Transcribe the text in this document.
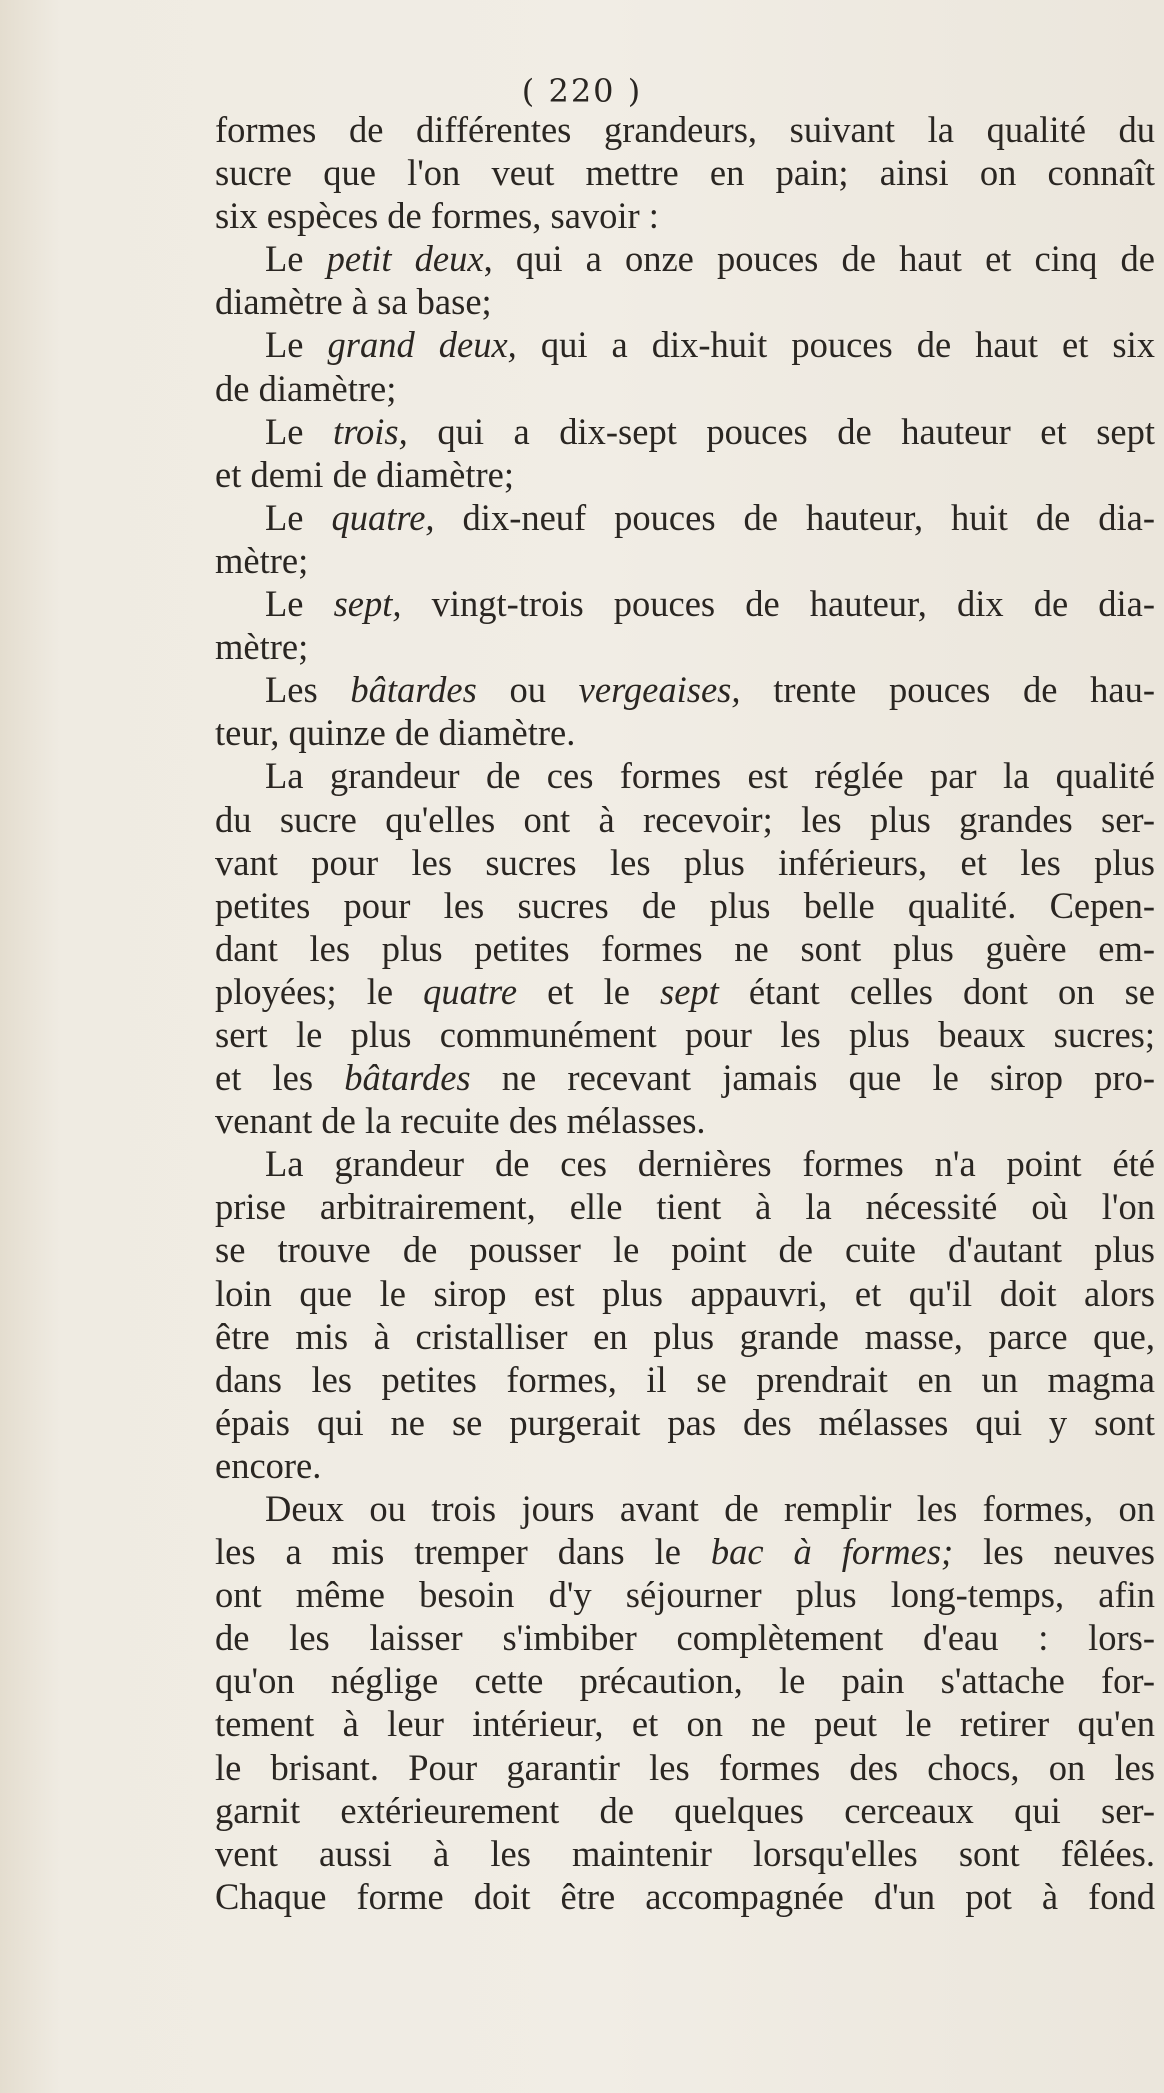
( 220 )
formes de différentes grandeurs, suivant la qualité du
sucre que l'on veut mettre en pain; ainsi on connaît
six espèces de formes, savoir :
Le petit deux, qui a onze pouces de haut et cinq de
diamètre à sa base;
Le grand deux, qui a dix-huit pouces de haut et six
de diamètre;
Le trois, qui a dix-sept pouces de hauteur et sept
et demi de diamètre;
Le quatre, dix-neuf pouces de hauteur, huit de dia-
mètre;
Le sept, vingt-trois pouces de hauteur, dix de dia-
mètre;
Les bâtardes ou vergeaises, trente pouces de hau-
teur, quinze de diamètre.
La grandeur de ces formes est réglée par la qualité
du sucre qu'elles ont à recevoir; les plus grandes ser-
vant pour les sucres les plus inférieurs, et les plus
petites pour les sucres de plus belle qualité. Cepen-
dant les plus petites formes ne sont plus guère em-
ployées; le quatre et le sept étant celles dont on se
sert le plus communément pour les plus beaux sucres;
et les bâtardes ne recevant jamais que le sirop pro-
venant de la recuite des mélasses.
La grandeur de ces dernières formes n'a point été
prise arbitrairement, elle tient à la nécessité où l'on
se trouve de pousser le point de cuite d'autant plus
loin que le sirop est plus appauvri, et qu'il doit alors
être mis à cristalliser en plus grande masse, parce que,
dans les petites formes, il se prendrait en un magma
épais qui ne se purgerait pas des mélasses qui y sont
encore.
Deux ou trois jours avant de remplir les formes, on
les a mis tremper dans le bac à formes; les neuves
ont même besoin d'y séjourner plus long-temps, afin
de les laisser s'imbiber complètement d'eau : lors-
qu'on néglige cette précaution, le pain s'attache for-
tement à leur intérieur, et on ne peut le retirer qu'en
le brisant. Pour garantir les formes des chocs, on les
garnit extérieurement de quelques cerceaux qui ser-
vent aussi à les maintenir lorsqu'elles sont fêlées.
Chaque forme doit être accompagnée d'un pot à fond
